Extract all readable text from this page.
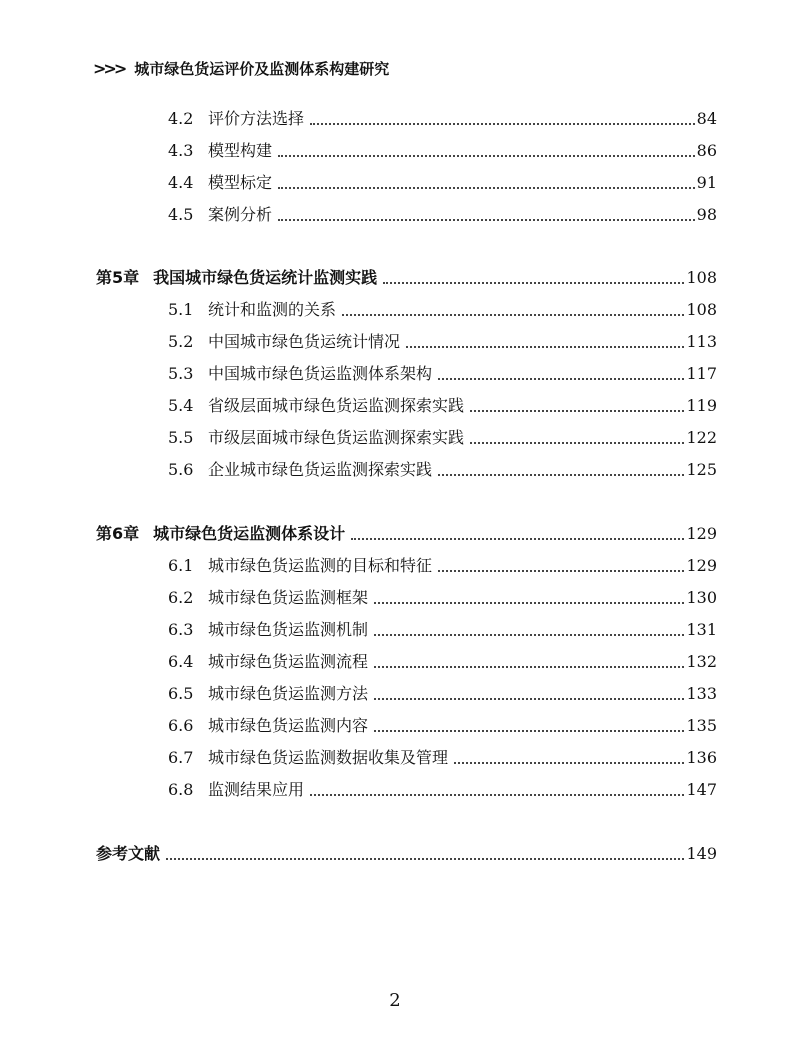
>>> 城市绿色货运评价及监测体系构建研究
4.2 评价方法选择	84
4.3 模型构建	86
4.4 模型标定	91
4.5 案例分析	98
第5章 我国城市绿色货运统计监测实践	108
5.1 统计和监测的关系	108
5.2 中国城市绿色货运统计情况	113
5.3 中国城市绿色货运监测体系架构	117
5.4 省级层面城市绿色货运监测探索实践	119
5.5 市级层面城市绿色货运监测探索实践	122
5.6 企业城市绿色货运监测探索实践	125
第6章 城市绿色货运监测体系设计	129
6.1 城市绿色货运监测的目标和特征	129
6.2 城市绿色货运监测框架	130
6.3 城市绿色货运监测机制	131
6.4 城市绿色货运监测流程	132
6.5 城市绿色货运监测方法	133
6.6 城市绿色货运监测内容	135
6.7 城市绿色货运监测数据收集及管理	136
6.8 监测结果应用	147
参考文献	149
2
